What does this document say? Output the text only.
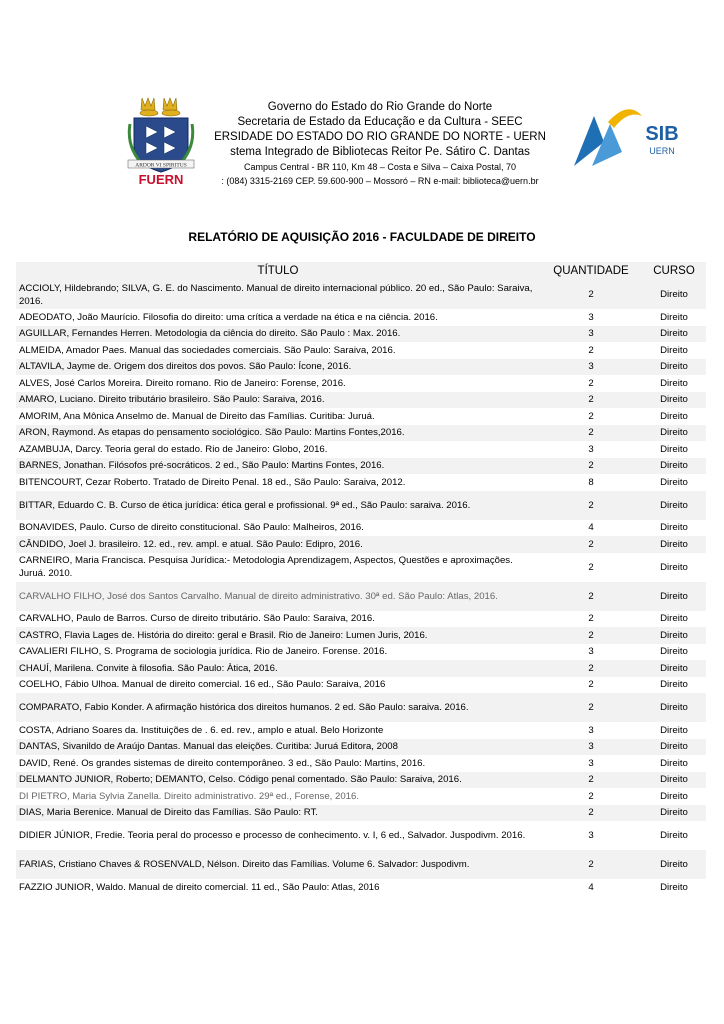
ARDOR VI SPIRITUS
FUERN
Governo do Estado do Rio Grande do Norte
Secretaria de Estado da Educação e da Cultura - SEEC
ERSIDADE DO ESTADO DO RIO GRANDE DO NORTE - UERN
stema Integrado de Bibliotecas Reitor Pe. Sátiro C. Dantas
Campus Central - BR 110, Km 48 – Costa e Silva – Caixa Postal, 70
: (084) 3315-2169 CEP. 59.600-900 – Mossoró – RN e-mail: biblioteca@uern.br
SIB
UERN
RELATÓRIO DE AQUISIÇÃO 2016 - FACULDADE DE DIREITO
TÍTULO	QUANTIDADE	CURSO
ACCIOLY, Hildebrando; SILVA, G. E. do Nascimento. Manual de direito internacional público. 20 ed., São Paulo: Saraiva, 2016.	2	Direito
ADEODATO, João Maurício. Filosofia do direito: uma crítica a verdade na ética e na ciência. 2016.	3	Direito
AGUILLAR, Fernandes Herren. Metodologia da ciência do direito. São Paulo : Max. 2016.	3	Direito
ALMEIDA, Amador Paes. Manual das sociedades comerciais. São Paulo: Saraiva, 2016.	2	Direito
ALTAVILA, Jayme de. Origem dos direitos dos povos. São Paulo: Ícone, 2016.	3	Direito
ALVES, José Carlos Moreira. Direito romano. Rio de Janeiro: Forense, 2016.	2	Direito
AMARO, Luciano. Direito tributário brasileiro. São Paulo: Saraiva, 2016.	2	Direito
AMORIM, Ana Mônica Anselmo de. Manual de Direito das Famílias. Curitiba: Juruá.	2	Direito
ARON, Raymond. As etapas do pensamento sociológico. São Paulo: Martins Fontes,2016.	2	Direito
AZAMBUJA, Darcy. Teoria geral do estado. Rio de Janeiro: Globo, 2016.	3	Direito
BARNES, Jonathan. Filósofos pré-socráticos. 2 ed., São Paulo: Martins Fontes, 2016.	2	Direito
BITENCOURT, Cezar Roberto. Tratado de Direito Penal. 18 ed., São Paulo: Saraiva, 2012.	8	Direito
BITTAR, Eduardo C. B. Curso de ética jurídica: ética geral e profissional. 9ª ed., São Paulo: saraiva. 2016.	2	Direito
BONAVIDES, Paulo. Curso de direito constitucional. São Paulo: Malheiros, 2016.	4	Direito
CÂNDIDO, Joel J. brasileiro. 12. ed., rev. ampl. e atual. São Paulo: Edipro, 2016.	2	Direito
CARNEIRO, Maria Francisca. Pesquisa Jurídica:- Metodologia Aprendizagem, Aspectos, Questões e aproximações. Juruá. 2010.	2	Direito
CARVALHO FILHO, José dos Santos Carvalho. Manual de direito administrativo. 30ª ed. São Paulo: Atlas, 2016.	2	Direito
CARVALHO, Paulo de Barros. Curso de direito tributário. São Paulo: Saraiva, 2016.	2	Direito
CASTRO, Flavia Lages de. História do direito: geral e Brasil. Rio de Janeiro: Lumen Juris, 2016.	2	Direito
CAVALIERI FILHO, S. Programa de sociologia jurídica. Rio de Janeiro. Forense. 2016.	3	Direito
CHAUÍ, Marilena. Convite à filosofia. São Paulo: Àtica, 2016.	2	Direito
COELHO, Fábio Ulhoa. Manual de direito comercial. 16 ed., São Paulo: Saraiva, 2016	2	Direito
COMPARATO, Fabio Konder. A afirmação histórica dos direitos humanos. 2 ed. São Paulo: saraiva. 2016.	2	Direito
COSTA, Adriano Soares da. Instituições de . 6. ed. rev., amplo e atual. Belo Horizonte	3	Direito
DANTAS, Sivanildo de Araújo Dantas. Manual das eleições. Curitiba: Juruá Editora, 2008	3	Direito
DAVID, René. Os grandes sistemas de direito contemporâneo. 3 ed., São Paulo: Martins, 2016.	3	Direito
DELMANTO JUNIOR, Roberto; DEMANTO, Celso. Código penal comentado. São Paulo: Saraiva, 2016.	2	Direito
DI PIETRO, Maria Sylvia Zanella. Direito administrativo. 29ª ed., Forense, 2016.	2	Direito
DIAS, Maria Berenice. Manual de Direito das Famílias. São Paulo: RT.	2	Direito
DIDIER JÚNIOR, Fredie. Teoria peral do processo e processo de conhecimento. v. I, 6 ed., Salvador. Juspodivm. 2016.	3	Direito
FARIAS, Cristiano Chaves & ROSENVALD, Nélson. Direito das Famílias. Volume 6. Salvador: Juspodivm.	2	Direito
FAZZIO JUNIOR, Waldo. Manual de direito comercial. 11 ed., São Paulo: Atlas, 2016	4	Direito
